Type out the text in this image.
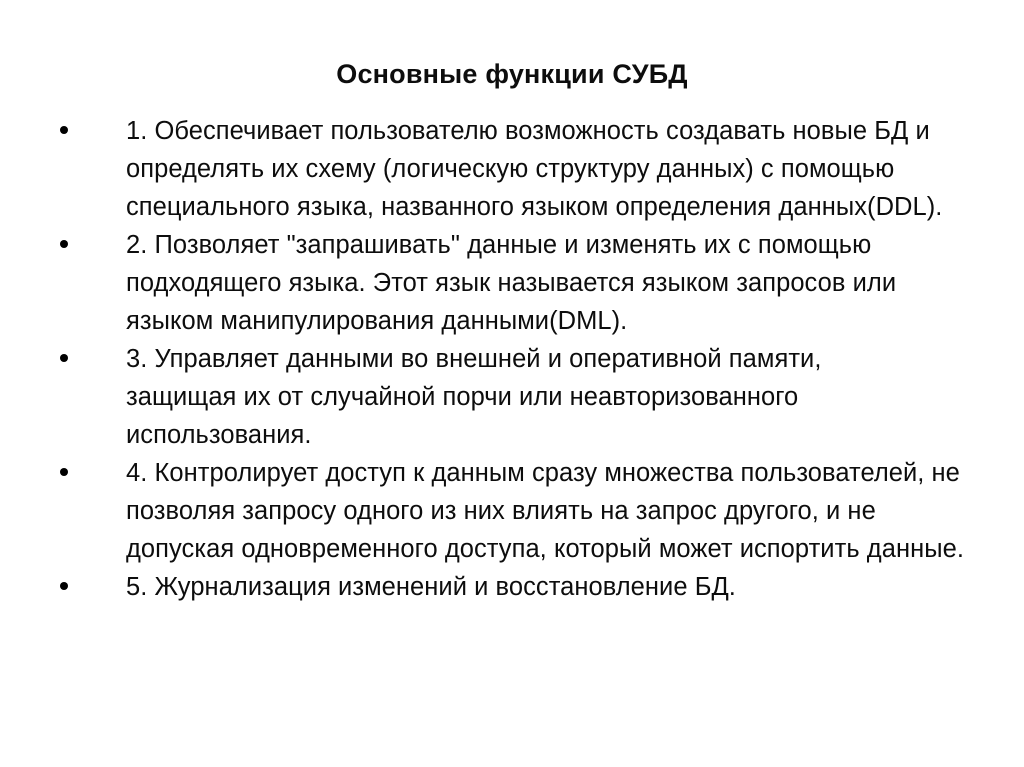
Основные функции СУБД
1. Обеспечивает пользователю возможность создавать новые БД и определять их схему (логическую структуру данных) с помощью специального языка, названного языком определения данных(DDL).
2. Позволяет "запрашивать" данные и изменять их с помощью подходящего языка. Этот язык называется языком запросов или языком манипулирования данными(DML).
3. Управляет данными во внешней и оперативной памяти, защищая их от случайной порчи или неавторизованного использования.
4. Контролирует доступ к данным сразу множества пользователей, не позволяя запросу одного из них влиять на запрос другого, и не допуская одновременного доступа, который может испортить данные.
5. Журнализация изменений и восстановление БД.
